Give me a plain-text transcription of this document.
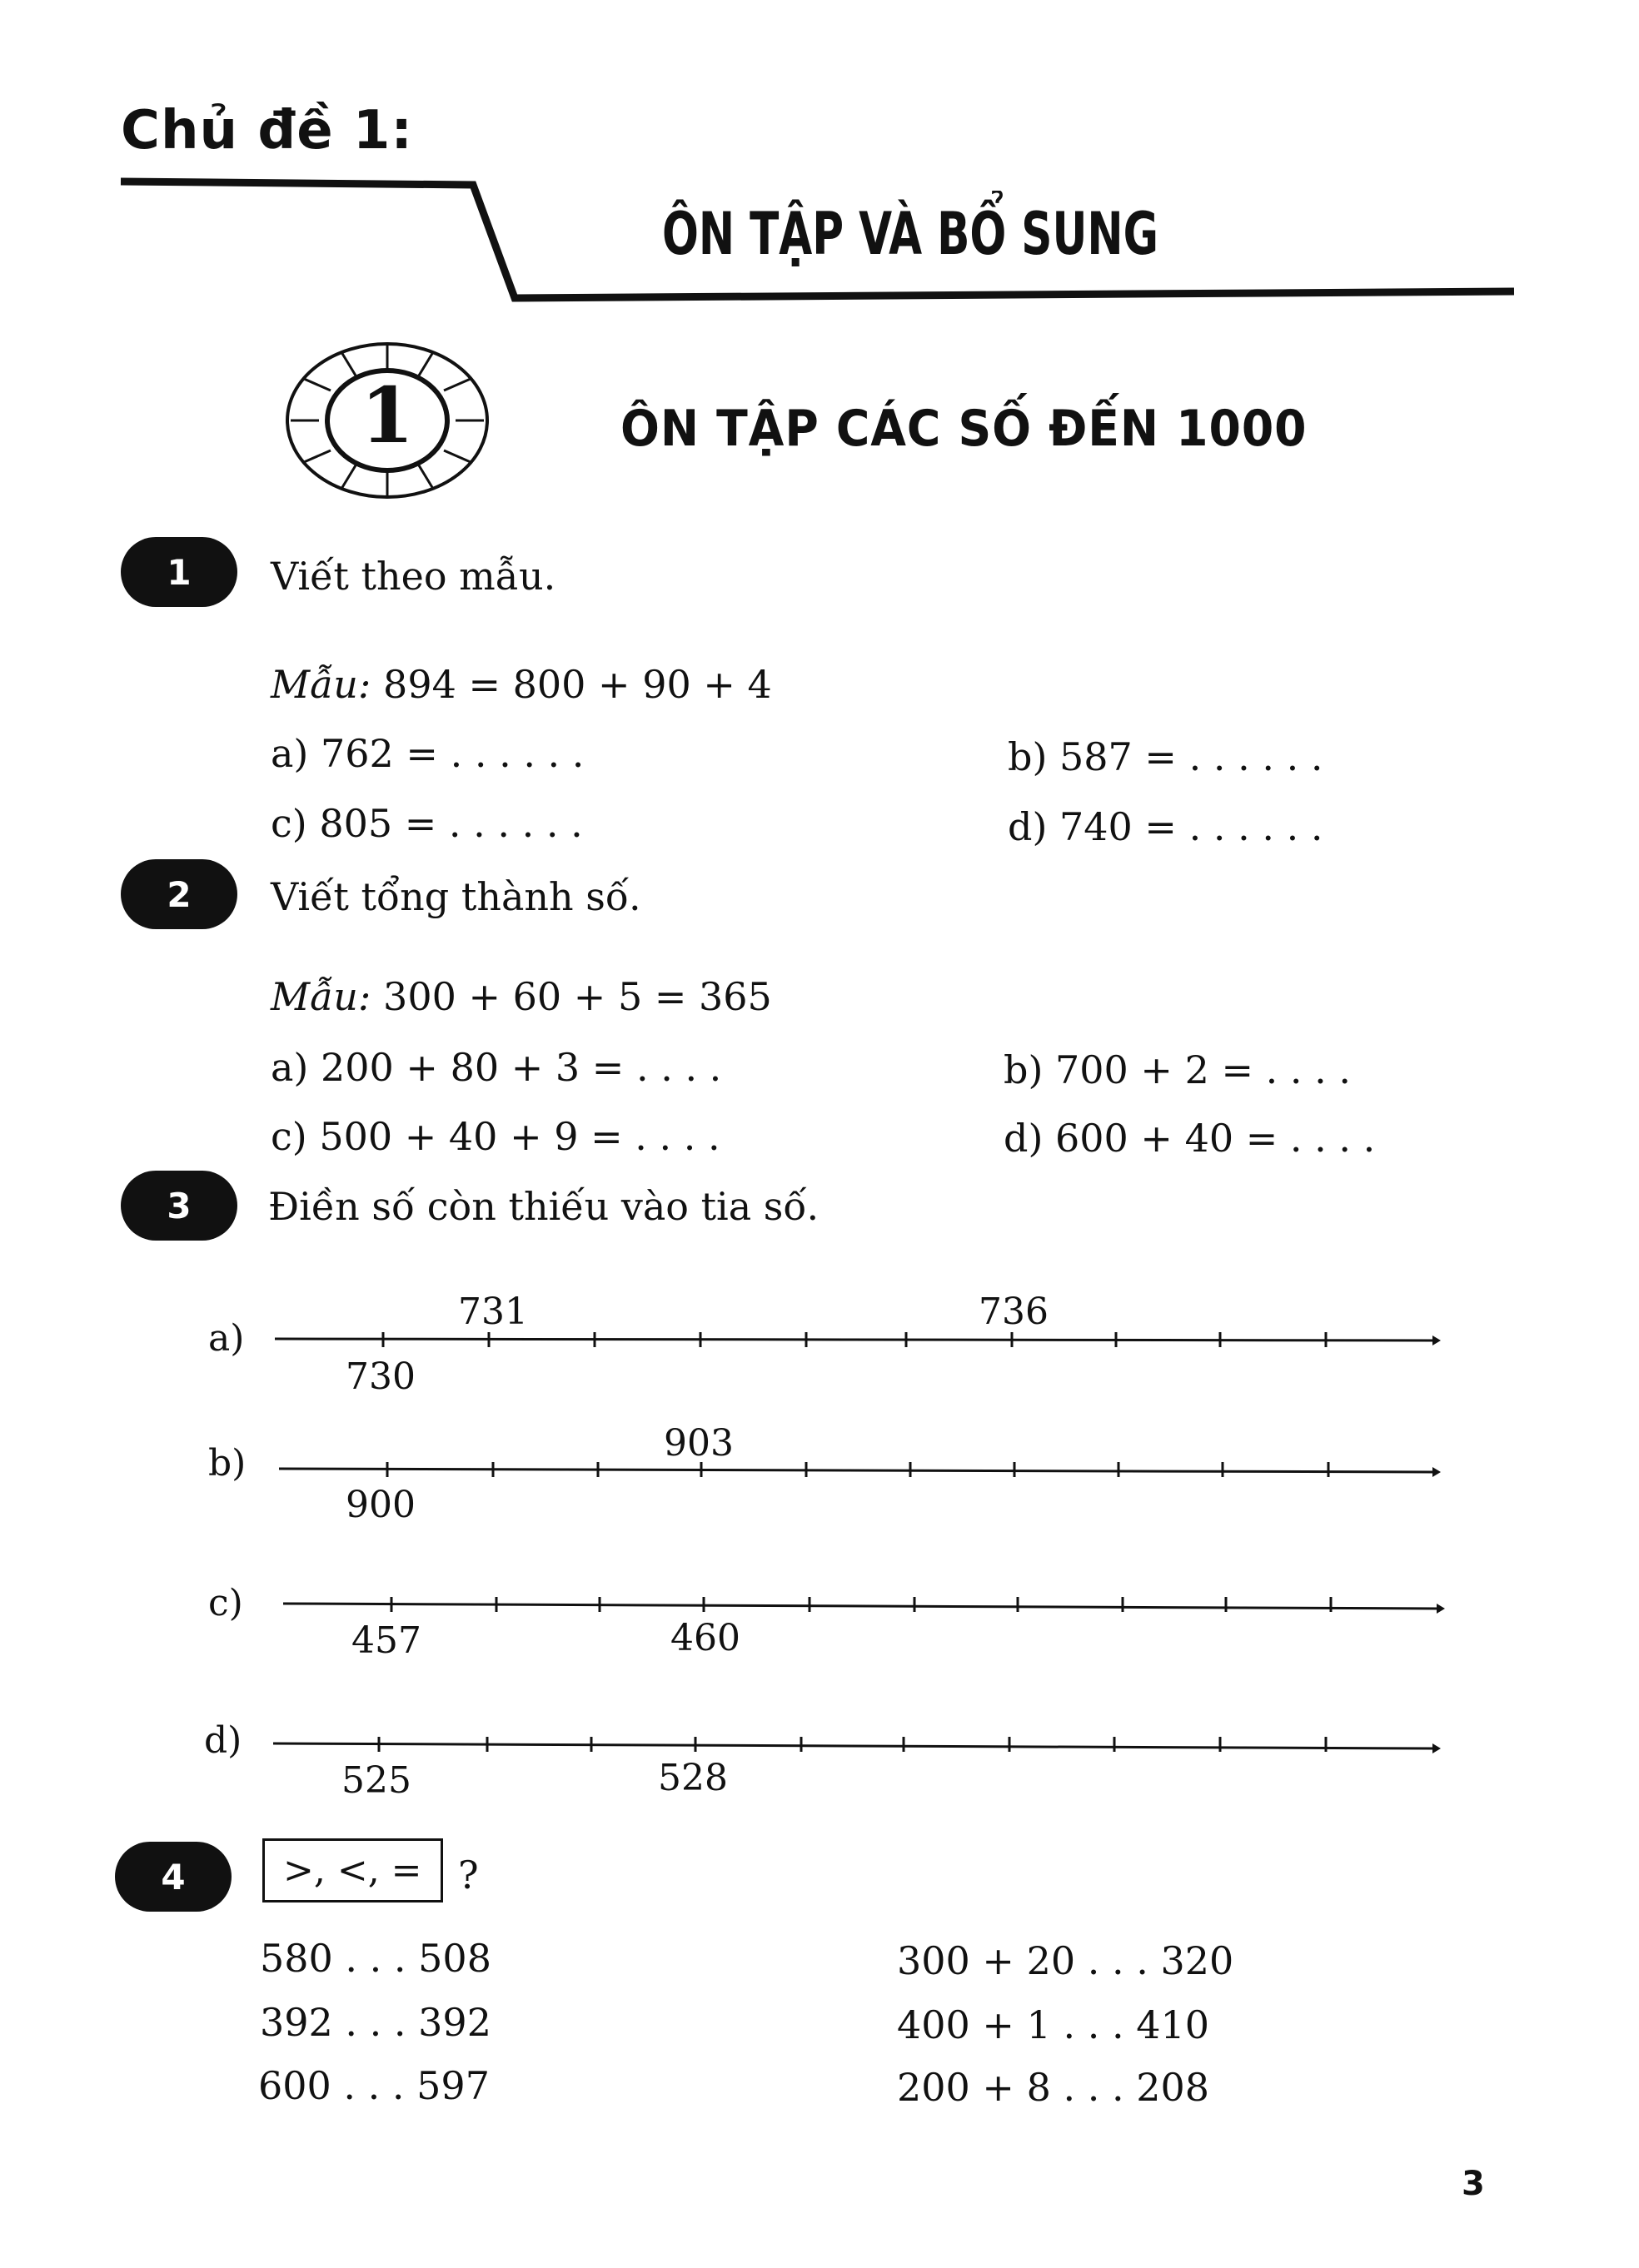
Chủ đề 1:
ÔN TẬP VÀ BỔ SUNG
1	ÔN TẬP CÁC SỐ ĐẾN 1000
1	Viết theo mẫu.
Mẫu: 894 = 800 + 90 + 4
a) 762 = . . . . . .	b) 587 = . . . . . .
c) 805 = . . . . . .	d) 740 = . . . . . .
2	Viết tổng thành số.
Mẫu: 300 + 60 + 5 = 365
a) 200 + 80 + 3 = . . . .	b) 700 + 2 = . . . .
c) 500 + 40 + 9 = . . . .	d) 600 + 40 = . . . .
3	Điền số còn thiếu vào tia số.
a)
731	736
730
b)	903
900
c)
457	460
d)
525	528
4	>, <, = ?
580 . . . 508
392 . . . 392
600 . . . 597
300 + 20 . . . 320
400 + 1 . . . 410
200 + 8 . . . 208
3
